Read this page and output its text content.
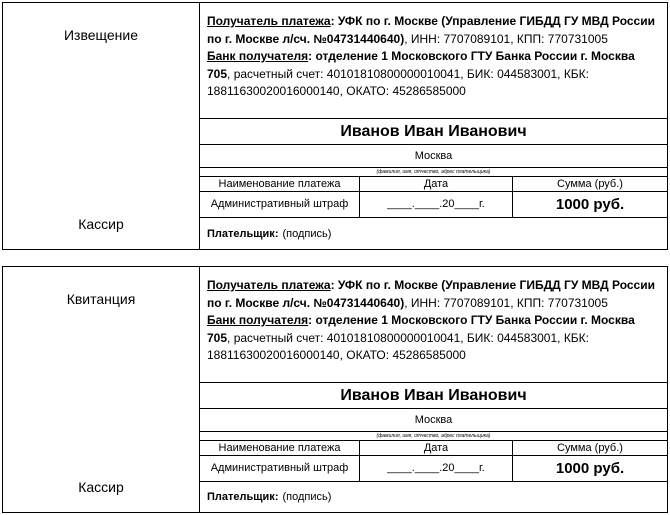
Извещение
Кассир
Получатель платежа: УФК по г. Москве (Управление ГИБДД ГУ МВД России по г. Москве л/сч. №04731440640), ИНН: 7707089101, КПП: 770731005
Банк получателя: отделение 1 Московского ГТУ Банка России г. Москва 705, расчетный счет: 40101810800000010041, БИК: 044583001, КБК: 18811630020016000140, ОКАТО: 45286585000
Иванов Иван Иванович
Москва
(фамилия, имя, отчество, адрес плательщика)
Наименование платежа	Дата	Сумма (руб.)
Административный штраф	____.____.20____г.	1000 руб.
Плательщик: (подпись)
Квитанция
Кассир
Получатель платежа: УФК по г. Москве (Управление ГИБДД ГУ МВД России по г. Москве л/сч. №04731440640), ИНН: 7707089101, КПП: 770731005
Банк получателя: отделение 1 Московского ГТУ Банка России г. Москва 705, расчетный счет: 40101810800000010041, БИК: 044583001, КБК: 18811630020016000140, ОКАТО: 45286585000
Иванов Иван Иванович
Москва
(фамилия, имя, отчество, адрес плательщика)
Наименование платежа	Дата	Сумма (руб.)
Административный штраф	____.____.20____г.	1000 руб.
Плательщик: (подпись)
